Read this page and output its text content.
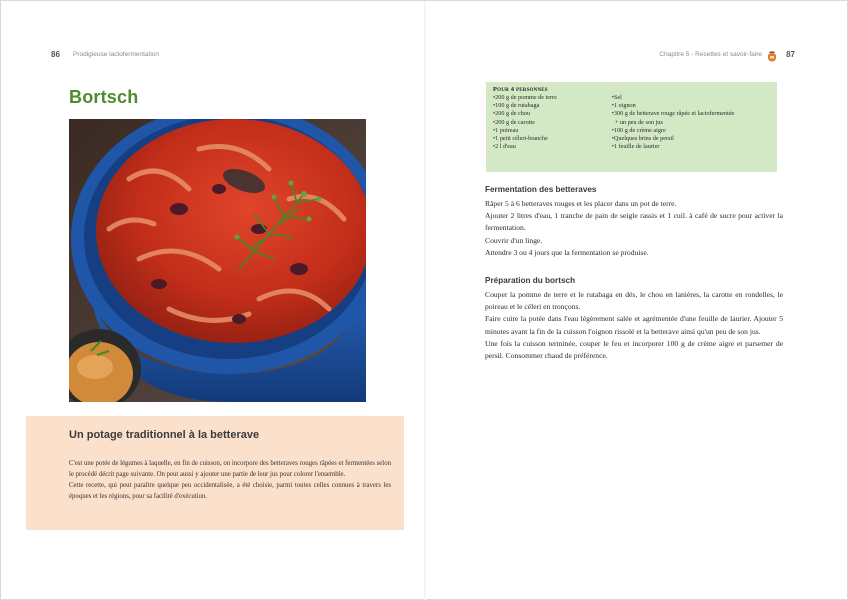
86 Prodigieuse lactofermentation	Chapitre 5 - Recettes et savoir-faire	87
Bortsch
Un potage traditionnel à la betterave

C'est une potée de légumes à laquelle, en fin de cuisson, on incorpore des betteraves rouges râpées et fermentées selon le procédé décrit page suivante. On peut aussi y ajouter une partie de leur jus pour colorer l'ensemble.

Cette recette, qui peut paraître quelque peu occidentalisée, a été choisie, parmi toutes celles connues à travers les époques et les régions, pour sa facilité d'exécution.

Pour 4 personnes
• 200 g de pomme de terre
• 100 g de rutabaga
• 200 g de chou
• 200 g de carotte
• 1 poireau
• 1 petit céleri-branche
• 2 l d'eau
• Sel
• 1 oignon
• 300 g de betterave rouge râpée et lactofermentée
+ un peu de son jus
• 100 g de crème aigre
• Quelques brins de persil
• 1 feuille de laurier
Fermentation des betteraves

Râper 5 à 6 betteraves rouges et les placer dans un pot de terre.

Ajouter 2 litres d'eau, 1 tranche de pain de seigle rassis et 1 cuil. à café de sucre pour activer la fermentation.

Couvrir d'un linge.

Attendre 3 ou 4 jours que la fermentation se produise.

Préparation du bortsch

Couper la pomme de terre et le rutabaga en dés, le chou en lanières, la carotte en rondelles, le poireau et le céleri en tronçons.

Faire cuire la potée dans l'eau légèrement salée et agrémentée d'une feuille de laurier. Ajouter 5 minutes avant la fin de la cuisson l'oignon rissolé et la betterave ainsi qu'un peu de son jus.

Une fois la cuisson terminée, couper le feu et incorporer 100 g de crème aigre et parsemer de persil. Consommer chaud de préférence.
